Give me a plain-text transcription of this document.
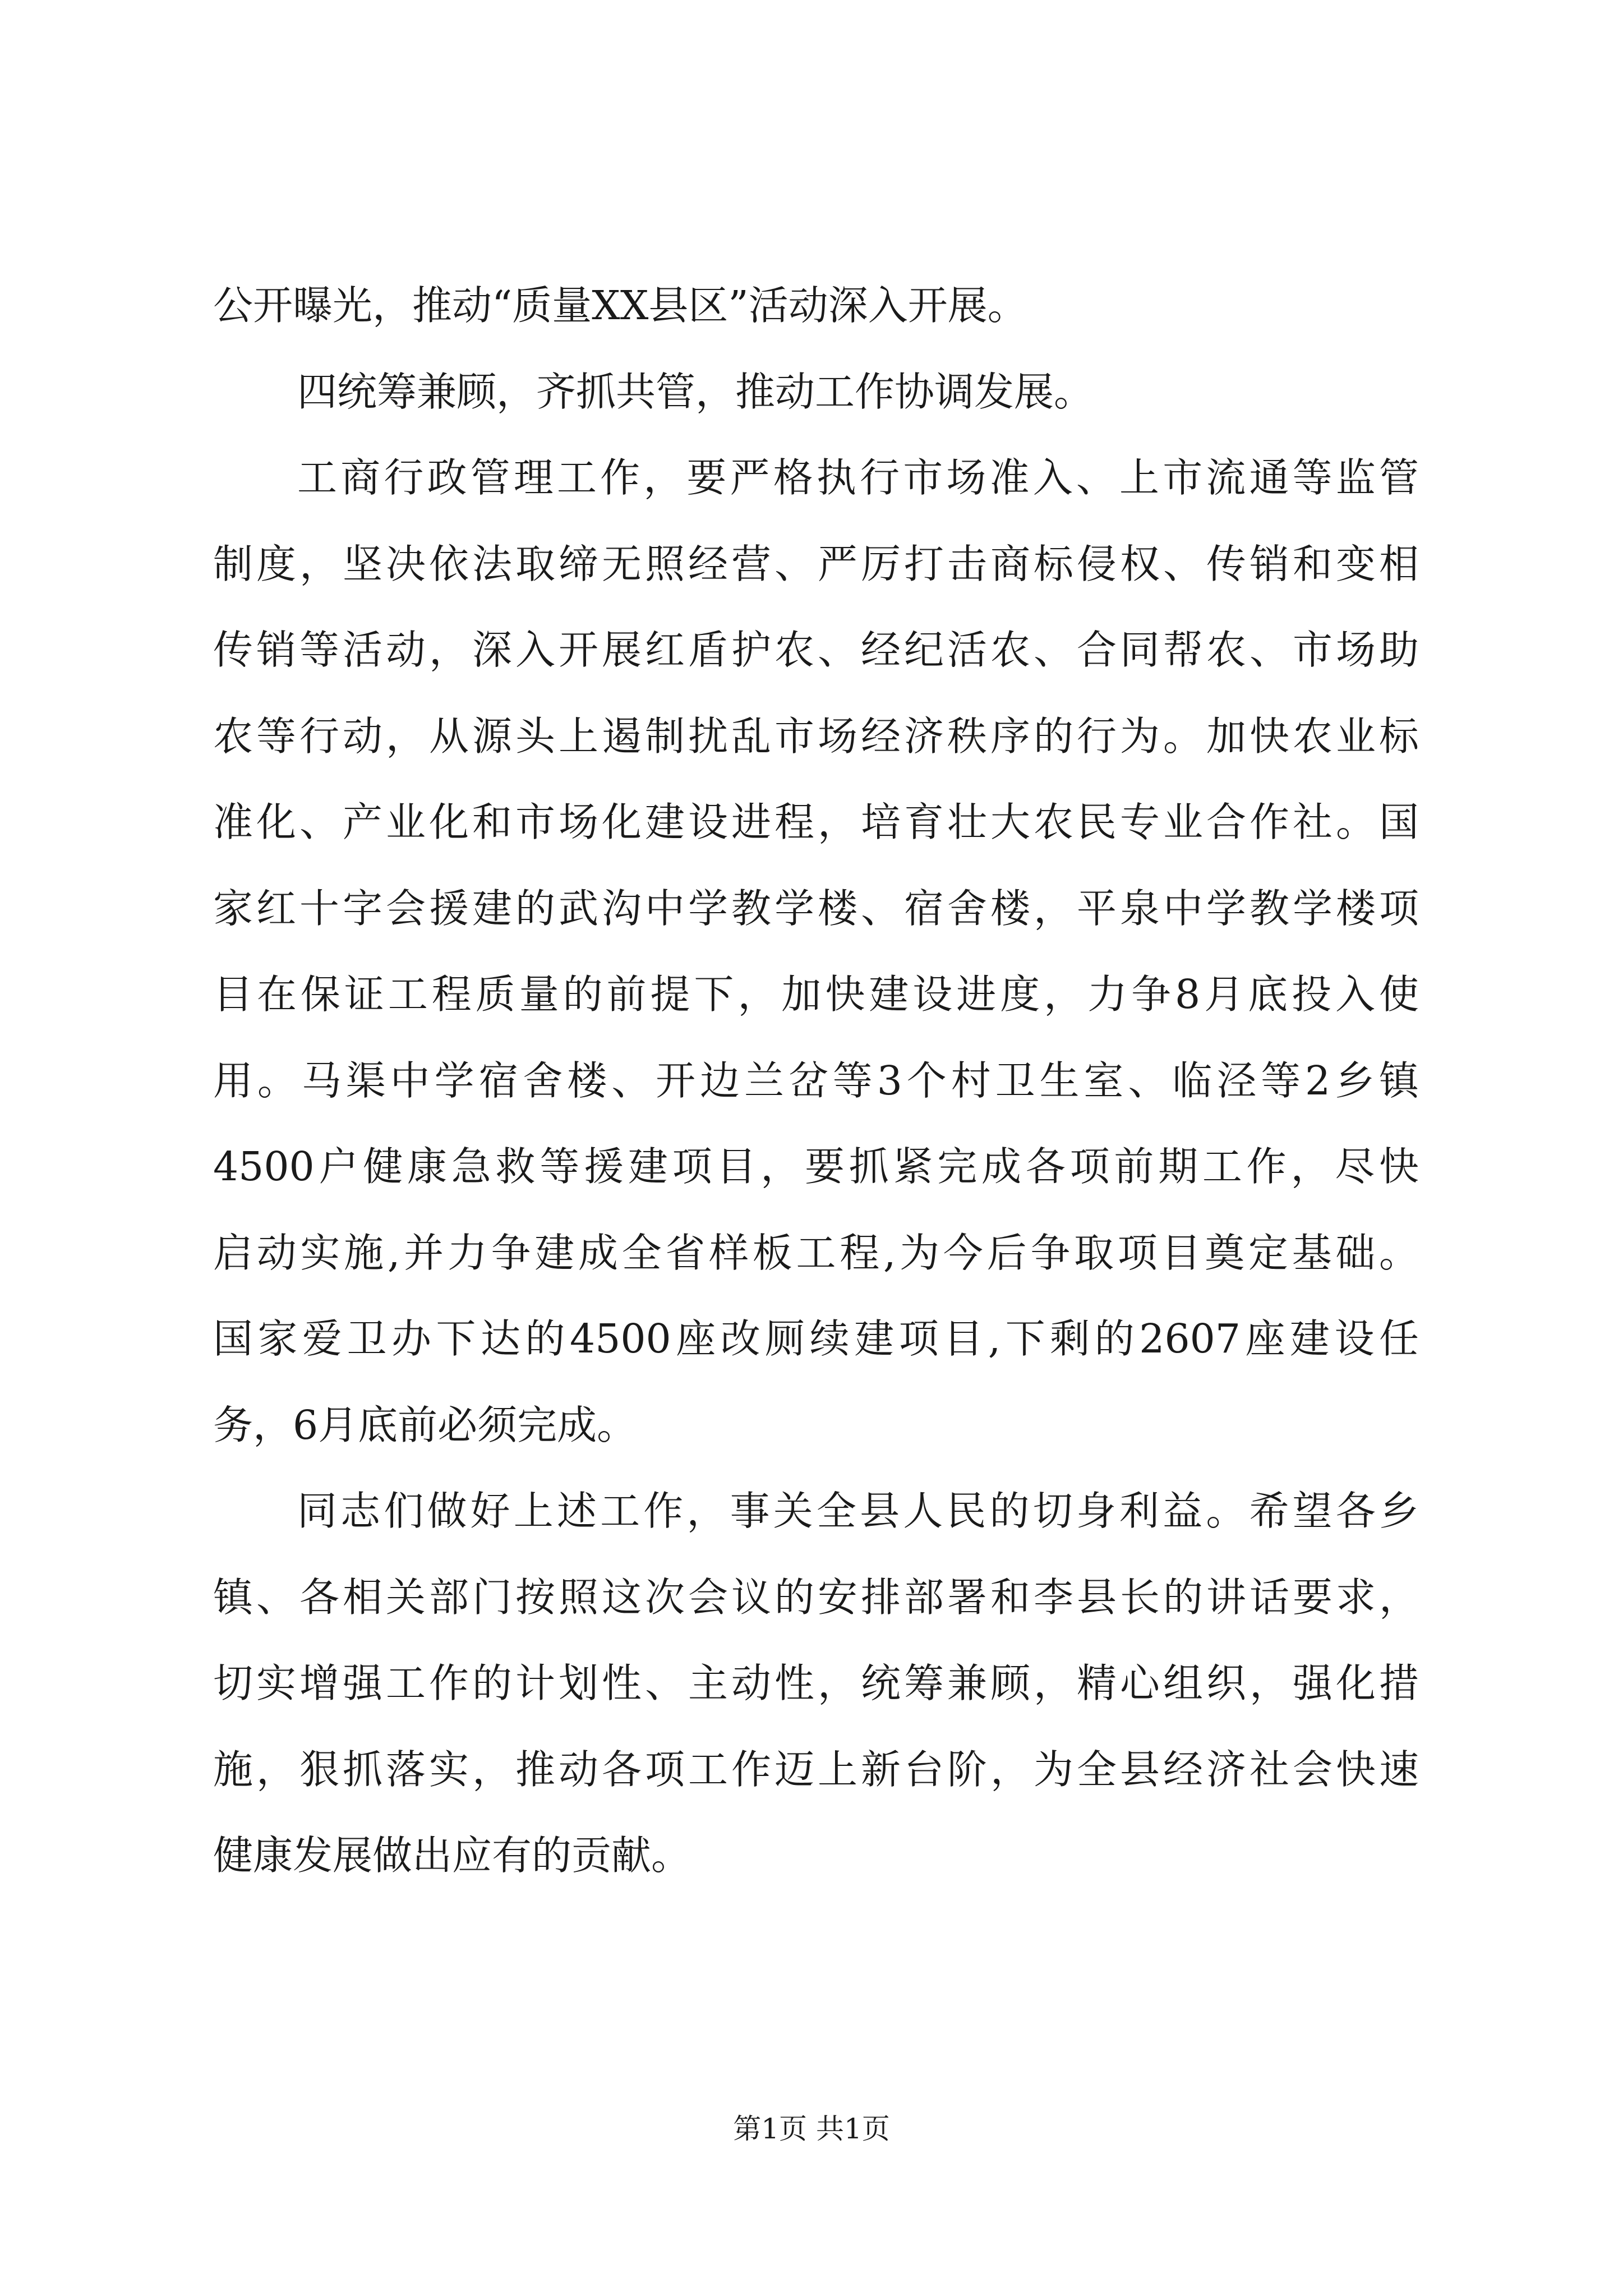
公开曝光，推动“质量XX县区”活动深入开展。
四统筹兼顾，齐抓共管，推动工作协调发展。
工商行政管理工作，要严格执行市场准入、上市流通等监管
制度，坚决依法取缔无照经营、严厉打击商标侵权、传销和变相
传销等活动，深入开展红盾护农、经纪活农、合同帮农、市场助
农等行动，从源头上遏制扰乱市场经济秩序的行为。加快农业标
准化、产业化和市场化建设进程，培育壮大农民专业合作社。国
家红十字会援建的武沟中学教学楼、宿舍楼，平泉中学教学楼项
目在保证工程质量的前提下，加快建设进度，力争8月底投入使
用。马渠中学宿舍楼、开边兰岔等3个村卫生室、临泾等2乡镇
4500户健康急救等援建项目，要抓紧完成各项前期工作，尽快
启动实施,并力争建成全省样板工程,为今后争取项目奠定基础。
国家爱卫办下达的4500座改厕续建项目,下剩的2607座建设任
务，6月底前必须完成。
同志们做好上述工作，事关全县人民的切身利益。希望各乡
镇、各相关部门按照这次会议的安排部署和李县长的讲话要求，
切实增强工作的计划性、主动性，统筹兼顾，精心组织，强化措
施，狠抓落实，推动各项工作迈上新台阶，为全县经济社会快速
健康发展做出应有的贡献。
第1页 共1页
